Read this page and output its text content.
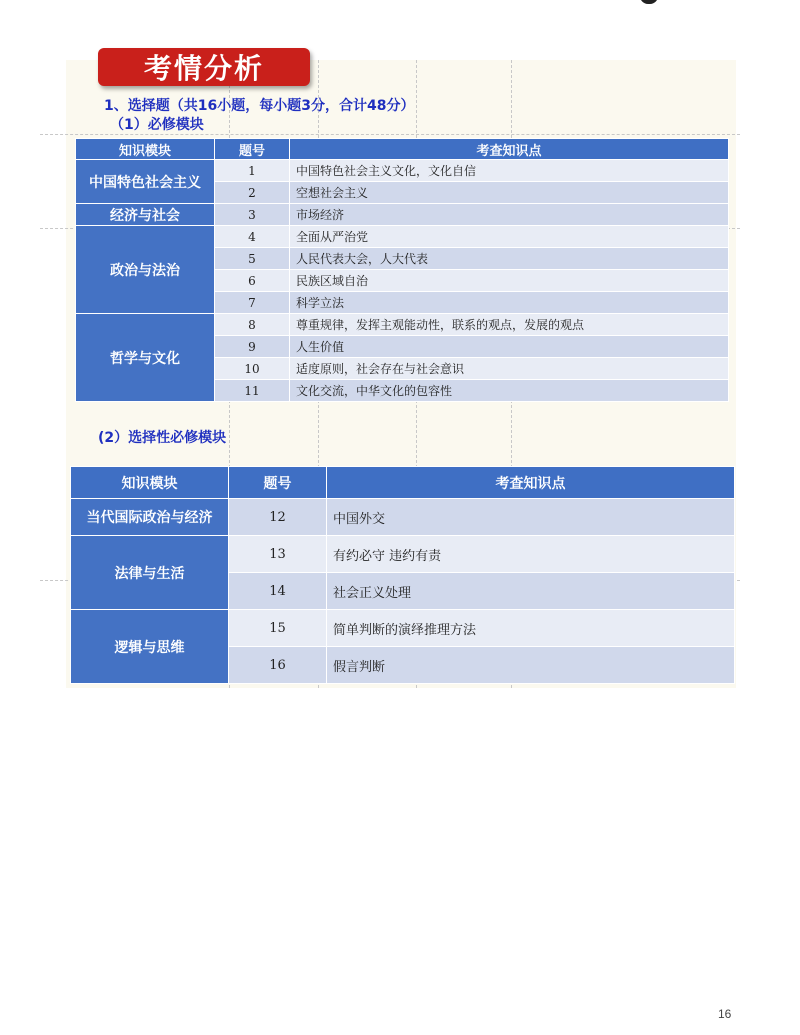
考情分析
1、选择题（共16小题，每小题3分，合计48分）
（1）必修模块
(2）选择性必修模块
知识模块	题号	考查知识点
中国特色社会主义	1	中国特色社会主义文化，文化自信
	2	空想社会主义
经济与社会	3	市场经济
政治与法治	4	全面从严治党
	5	人民代表大会，人大代表
	6	民族区域自治
	7	科学立法
哲学与文化	8	尊重规律，发挥主观能动性，联系的观点，发展的观点
	9	人生价值
	10	适度原则，社会存在与社会意识
	11	文化交流，中华文化的包容性
知识模块	题号	考查知识点
当代国际政治与经济	12	中国外交
法律与生活	13	有约必守 违约有责
	14	社会正义处理
逻辑与思维	15	简单判断的演绎推理方法
	16	假言判断
16
